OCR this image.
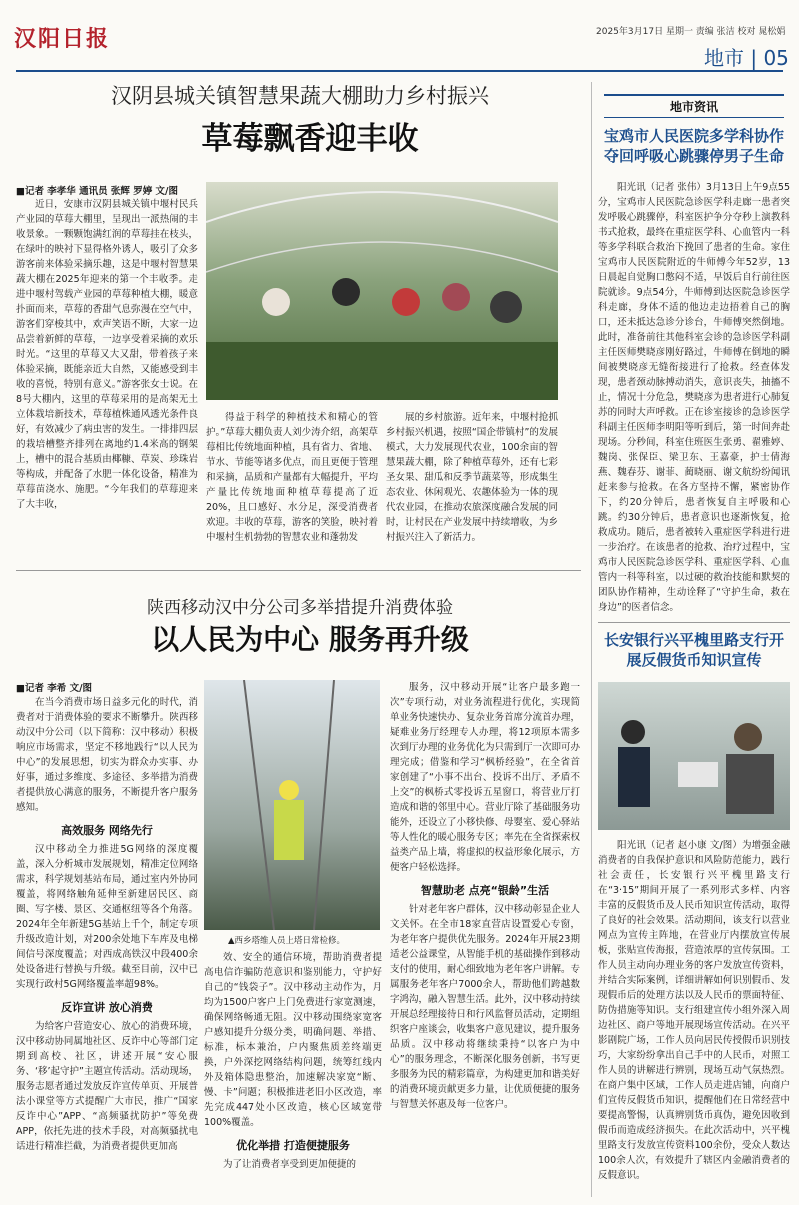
汉阳日报	2025年3月17日 星期一 责编 张洁 校对 晁松娟
地市 | 05
汉阴县城关镇智慧果蔬大棚助力乡村振兴
草莓飘香迎丰收
■记者 李孝华 通讯员 张辉 罗婷 文/图

近日，安康市汉阴县城关镇中堰村民兵产业园的草莓大棚里，呈现出一派热闹的丰收景象。一颗颗饱满红润的草莓挂在枝头，在绿叶的映衬下显得格外诱人，吸引了众多游客前来体验采摘乐趣，这是中堰村智慧果蔬大棚在2025年迎来的第一个丰收季。走进中堰村驾载产业园的草莓种植大棚，暖意扑面而来，草莓的香甜气息弥漫在空气中，游客们穿梭其中，欢声笑语不断，大家一边品尝着新鲜的草莓，一边享受着采摘的欢乐时光。“这里的草莓又大又甜，带着孩子来体验采摘，既能亲近大自然，又能感受到丰收的喜悦，特别有意义。”游客张女士说。在8号大棚内，这里的草莓采用的是高架无土立体栽培新技术，草莓植株通风透光条件良好，有效减少了病虫害的发生。一排排四层的栽培槽整齐排列在离地约1.4米高的钢架上，槽中的混合基质由椰糠、草炭、珍珠岩等构成，并配备了水肥一体化设备，精准为草莓苗浇水、施肥。“今年我们的草莓迎来了大丰收，

得益于科学的种植技术和精心的管护。”草莓大棚负责人刘少涛介绍，高架草莓相比传统地面种植，具有省力、省地、节水、节能等诸多优点，而且更便于管理和采摘，品质和产量都有大幅提升，平均产量比传统地面种植草莓提高了近20%，且口感好、水分足，深受消费者欢迎。丰收的草莓，游客的笑脸，映衬着中堰村生机勃勃的智慧农业和蓬勃发

展的乡村旅游。近年来，中堰村抢抓乡村振兴机遇，按照“国企带镇村”的发展模式，大力发展现代农业，100余亩的智慧果蔬大棚，除了种植草莓外，还有七彩圣女果、甜瓜和反季节蔬菜等，形成集生态农业、休闲观光、农趣体验为一体的现代农业园，在推动农旅深度融合发展的同时，让村民在产业发展中持续增收，为乡村振兴注入了新活力。

陕西移动汉中分公司多举措提升消费体验
以人民为中心 服务再升级
■记者 李希 文/图

在当今消费市场日益多元化的时代，消费者对于消费体验的要求不断攀升。陕西移动汉中分公司（以下简称：汉中移动）积极响应市场需求，坚定不移地践行“以人民为中心”的发展思想，切实为群众办实事、办好事，通过多维度、多途径、多举措为消费者提供放心满意的服务，不断提升客户服务感知。

高效服务 网络先行

汉中移动全力推进5G网络的深度覆盖，深入分析城市发展规划，精准定位网络需求，科学规划基站布局，通过室内外协同覆盖，将网络触角延伸至新建居民区、商圈、写字楼、景区、交通枢纽等各个角落。2024年全年新建5G基站上千个，制定专项升级改造计划，对200余处地下车库及电梯间信号深度覆盖；对西成高铁汉中段400余处设备进行替换与升级。截至目前，汉中已实现行政村5G网络覆盖率超98%。

反诈宣讲 放心消费

为给客户营造安心、放心的消费环境，汉中移动协同属地社区、反诈中心等部门定期到高校、社区，讲述开展“安心服务、‘移’起守护”主题宣传活动。活动现场，服务志愿者通过发放反诈宣传单页、开展普法小课堂等方式提醒广大市民，推广“国家反诈中心”APP、“高频骚扰防护”等免费APP，依托先进的技术手段，对高频骚扰电话进行精准拦截，为消费者提供更加高

▲西乡塔维人员上塔日常检修。

效、安全的通信环境，帮助消费者提高电信诈骗防范意识和鉴别能力，守护好自己的“钱袋子”。汉中移动主动作为，月均为1500户客户上门免费进行家宽测速，确保网络畅通无阻。汉中移动围绕家宽客户感知提升分级分类，明确问题、举措、标准，标本兼治，户内聚焦质差终端更换，户外深挖网络结构问题，统筹红线内外及箱体隐患整治，加速解决家宽“断、慢、卡”问题；积极推进老旧小区改造，率先完成447处小区改造，核心区域宽带100%覆盖。

优化举措 打造便捷服务

为了让消费者享受到更加便捷的

服务，汉中移动开展“让客户最多跑一次”专项行动，对业务流程进行优化，实现简单业务快速快办、复杂业务首席分流首办理，疑难业务厅经理专人办理，将12项原本需多次到厅办理的业务优化为只需到厅一次即可办理完成；借鉴和学习“枫桥经验”，在全省首家创建了“小事不出台、投诉不出厅、矛盾不上交”的枫桥式零投诉五星窗口，将营业厅打造成和谐的邻里中心。营业厅除了基础服务功能外，还设立了小移快修、母婴室、爱心驿站等人性化的暖心服务专区；率先在全省探索权益类产品上墙，将虚拟的权益形象化展示，方便客户轻松选择。

智慧助老 点亮“银龄”生活

针对老年客户群体，汉中移动彰显企业人文关怀。在全市18家直营店设置爱心专窗，为老年客户提供优先服务。2024年开展23期适老公益课堂，从智能手机的基础操作到移动支付的使用，耐心细致地为老年客户讲解。专属服务老年客户7000余人，帮助他们跨越数字鸿沟，融入智慧生活。此外，汉中移动持续开展总经理接待日和行风监督员活动，定期组织客户座谈会，收集客户意见建议，提升服务品质。汉中移动将继续秉持“以客户为中心”的服务理念，不断深化服务创新，书写更多服务为民的精彩篇章，为构建更加和谐美好的消费环境贡献更多力量，让优质便捷的服务与智慧关怀惠及每一位客户。

地市资讯
宝鸡市人民医院多学科协作夺回呼吸心跳骤停男子生命

阳光讯（记者 张伟）3月13日上午9点55分，宝鸡市人民医院急诊医学科走廊一患者突发呼吸心跳骤停，科室医护争分夺秒上演教科书式抢救，最终在重症医学科、心血管内一科等多学科联合救治下挽回了患者的生命。家住宝鸡市人民医院附近的牛师傅今年52岁，13日晨起自觉胸口憋闷不适，早饭后自行前往医院就诊。9点54分，牛师傅到达医院急诊医学科走廊，身体不适的他边走边捂着自己的胸口，还未抵达急诊分诊台，牛师傅突然倒地。此时，准备前往其他科室会诊的急诊医学科副主任医师樊晓彦刚好路过，牛师傅在倒地的瞬间被樊晓彦无缝衔接进行了抢救。经查体发现，患者颈动脉搏动消失，意识丧失，抽搐不止，情况十分危急，樊晓彦为患者进行心肺复苏的同时大声呼救。正在诊室接诊的急诊医学科副主任医师李明阳等听到后，第一时间奔赴现场。分秒间，科室住班医生张勇、翟雅婷、魏岗、张保臣、梁卫东、王嘉豪，护士倩海燕、魏春芬、谢菲、蔺晓丽、谢文航纷纷闻讯赶来参与抢救。在各方坚持不懈，紧密协作下，约20分钟后，患者恢复自主呼吸和心跳。约30分钟后，患者意识也逐渐恢复，抢救成功。随后，患者被转入重症医学科进行进一步治疗。在该患者的抢救、治疗过程中，宝鸡市人民医院急诊医学科、重症医学科、心血管内一科等科室，以过硬的救治技能和默契的团队协作精神，生动诠释了“守护生命，救在身边”的医者信念。

长安银行兴平槐里路支行开展反假货币知识宣传

阳光讯（记者 赵小康 文/图）为增强金融消费者的自我保护意识和风险防范能力，践行社会责任，长安银行兴平槐里路支行在“3·15”期间开展了一系列形式多样、内容丰富的反假货币及人民币知识宣传活动，取得了良好的社会效果。活动期间，该支行以营业网点为宣传主阵地，在营业厅内摆放宣传展板，张贴宣传海报，营造浓厚的宣传氛围。工作人员主动向办理业务的客户发放宣传资料，并结合实际案例，详细讲解如何识别假币、发现假币后的处理方法以及人民币的票面特征、防伪措施等知识。支行组建宣传小组外深入周边社区、商户等地开展现场宣传活动。在兴平影剧院广场，工作人员向居民传授假币识别技巧，大家纷纷拿出自己手中的人民币，对照工作人员的讲解进行辨别，现场互动气氛热烈。在商户集中区域，工作人员走进店铺，向商户们宣传反假货币知识，提醒他们在日常经营中要提高警惕，认真辨别货币真伪，避免因收到假币而造成经济损失。在此次活动中，兴平槐里路支行发放宣传资料100余份，受众人数达100余人次，有效提升了辖区内金融消费者的反假意识。
